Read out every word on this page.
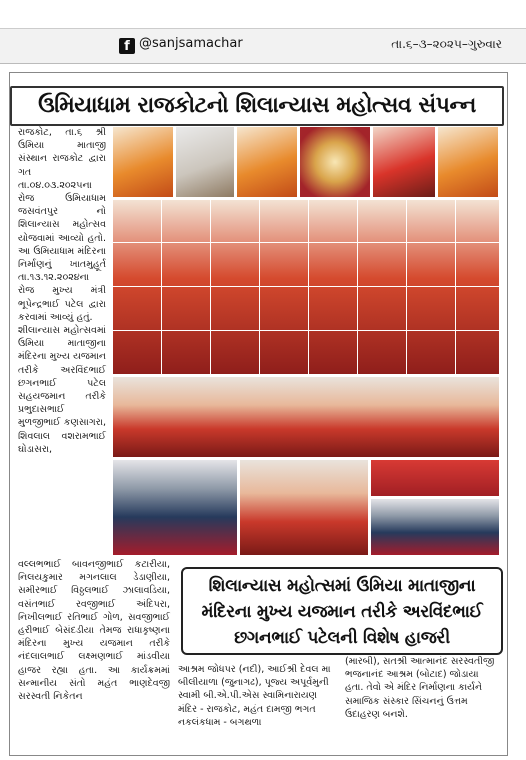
f @sanjsamachar	તા.૬–૩–૨૦૨૫–ગુરુવાર
ઉમિયાધામ રાજકોટનો શિલાન્યાસ મહોત્સવ સંપન્ન

રાજકોટ, તા.૬ શ્રી ઉમિયા માતાજી સંસ્થાન રાજકોટ દ્વારા ગત તા.૦૪.૦૩.૨૦૨૫ના રોજ ઉમિયાધામ જસવંતપુર નો શિલાન્યાસ મહોત્સવ યોજવામાં આવ્યો હતો. આ ઉમિયાધામ મંદિરના નિર્માણનું ખાતમુહૂર્ત તા.૧૩.૧૨.૨૦૨૪ના રોજ મુખ્ય મંત્રી ભૂપેન્દ્રભાઈ પટેલ દ્વારા કરવામાં આવ્યું હતું.

શીલાન્યાસ મહોત્સવમાં ઉમિયા માતાજીના મંદિરના મુખ્ય યજમાન તરીકે અરવિંદભાઈ છગનભાઈ પટેલ સહયજમાન તરીકે પ્રભુદાસભાઈ મુળજીભાઈ કણસાગરા, શિવલાલ વશરામભાઈ ઘોડાસરા,

વલ્લભભાઈ બાવનજીભાઈ કટારીયા, નિલયકુમાર મગનલાલ ડેડાણીયા, સમીરભાઈ વિઠ્ઠલભાઈ ઝાલાવડિયા, વસંતભાઈ રવજીભાઈ અંદિપરા, નિખીલભાઈ રતિભાઈ ગોળ, સવજીભાઈ હરીભાઈ બેસંદડીયા તેમજ રાધાકૃષ્ણના મંદિરના મુખ્ય યજમાન તરીકે નંદલાલભાઈ લક્ષ્મણભાઈ માંડવીયા હાજર રહ્યા હતા. આ કાર્યક્રમમાં સન્માનીય સંતો મહંત ભાણદેવજી સરસ્વતી નિકેતન
શિલાન્યાસ મહોત્સમાં ઉમિયા માતાજીના
મંદિરના મુખ્ય યજમાન તરીકે અરવિંદભાઈ
છગનભાઈ પટેલની વિશેષ હાજરી
આશ્રમ જોધપર (નદી), આઈશ્રી દેવલ મા બીલીયાળા (જુનાગઢ), પૂજ્ય અપૂર્વમુની સ્વામી બી.એ.પી.એસ સ્વામિનારાયણ મંદિર - રાજકોટ, મહંત દામજી ભગત નકલંકધામ - બગથળા
(મારબી), સતશ્રી આત્માનંદ સરસ્વતીજી ભજનાનંદ આશ્રમ (બોટાદ) જોડાયા હતા. તેવો એ મંદિર નિર્માણના કાર્યને સમાજિક સંસ્કાર સિંચનનું ઉત્તમ ઉદાહરણ બનશે.
